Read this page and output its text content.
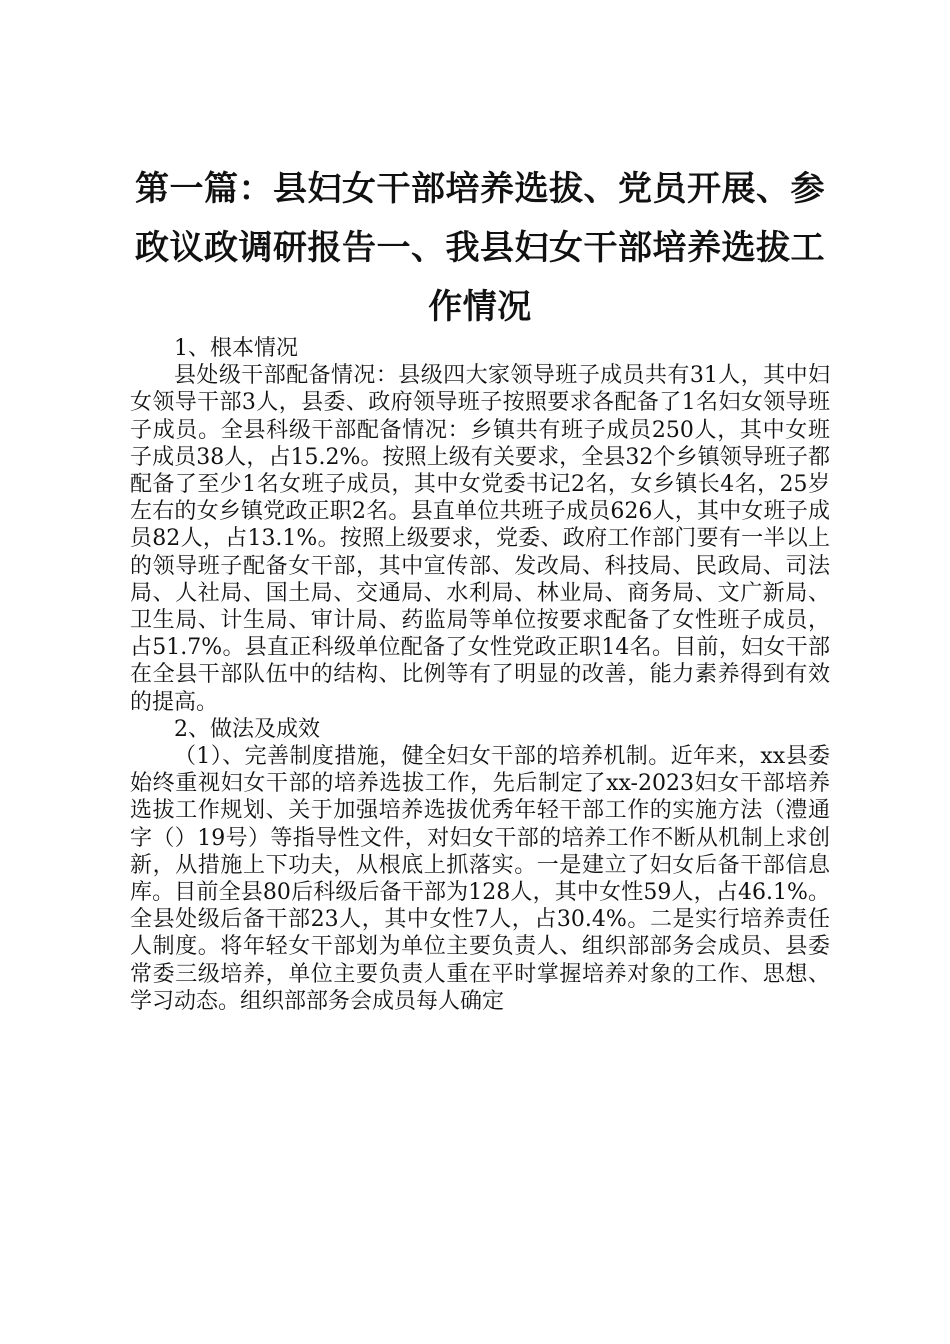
第一篇：县妇女干部培养选拔、党员开展、参政议政调研报告一、我县妇女干部培养选拔工作情况

1、根本情况

县处级干部配备情况：县级四大家领导班子成员共有31人，其中妇女领导干部3人，县委、政府领导班子按照要求各配备了1名妇女领导班子成员。全县科级干部配备情况：乡镇共有班子成员250人，其中女班子成员38人，占15.2%。按照上级有关要求，全县32个乡镇领导班子都配备了至少1名女班子成员，其中女党委书记2名，女乡镇长4名，25岁左右的女乡镇党政正职2名。县直单位共班子成员626人，其中女班子成员82人，占13.1%。按照上级要求，党委、政府工作部门要有一半以上的领导班子配备女干部，其中宣传部、发改局、科技局、民政局、司法局、人社局、国土局、交通局、水利局、林业局、商务局、文广新局、卫生局、计生局、审计局、药监局等单位按要求配备了女性班子成员，占51.7%。县直正科级单位配备了女性党政正职14名。目前，妇女干部在全县干部队伍中的结构、比例等有了明显的改善，能力素养得到有效的提高。

2、做法及成效

（1）、完善制度措施，健全妇女干部的培养机制。近年来，xx县委始终重视妇女干部的培养选拔工作，先后制定了xx-2023妇女干部培养选拔工作规划、关于加强培养选拔优秀年轻干部工作的实施方法（澧通字（）19号）等指导性文件，对妇女干部的培养工作不断从机制上求创新，从措施上下功夫，从根底上抓落实。一是建立了妇女后备干部信息库。目前全县80后科级后备干部为128人，其中女性59人，占46.1%。全县处级后备干部23人，其中女性7人，占30.4%。二是实行培养责任人制度。将年轻女干部划为单位主要负责人、组织部部务会成员、县委常委三级培养，单位主要负责人重在平时掌握培养对象的工作、思想、学习动态。组织部部务会成员每人确定
